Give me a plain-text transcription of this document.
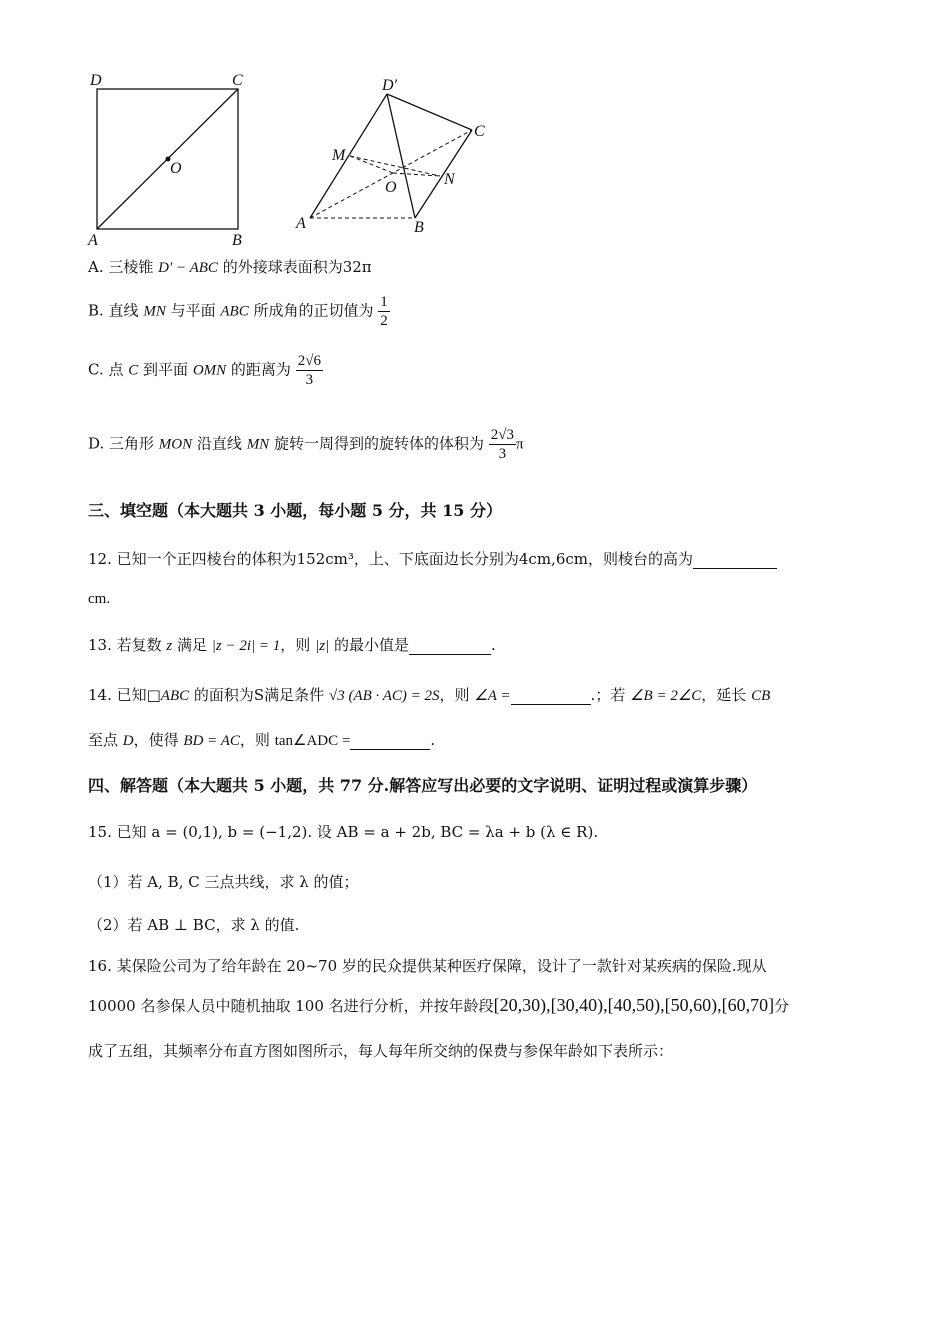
D	C
O
A	B
D′
C
M
O	N
A	B
A. 三棱锥 D′ − ABC 的外接球表面积为32π
B. 直线 MN 与平面 ABC 所成角的正切值为 $\frac{1}{2}$
C. 点 C 到平面 OMN 的距离为 $\frac{2√6}{3}$
D. 三角形 MON 沿直线 MN 旋转一周得到的旋转体的体积为 $\frac{2√3}{3}$ π
三、填空题（本大题共 3 小题，每小题 5 分，共 15 分）
12. 已知一个正四棱台的体积为152cm³，上、下底面边长分别为4cm,6cm，则棱台的高为
cm.
13. 若复数 z 满足 |z − 2i| = 1，则 |z| 的最小值是	.
14. 已知□ABC 的面积为S满足条件 √3 (AB · AC) = 2S，则 ∠A =	.；若 ∠B = 2∠C，延长 CB
至点 D，使得 BD = AC，则 tan∠ADC =	.
四、解答题（本大题共 5 小题，共 77 分.解答应写出必要的文字说明、证明过程或演算步骤）
15. 已知 a = (0,1), b = (−1,2). 设 AB = a + 2b, BC = λa + b (λ ∈ R).
（1）若 A, B, C 三点共线，求 λ 的值；
（2）若 AB ⊥ BC，求 λ 的值.
16. 某保险公司为了给年龄在 20~70 岁的民众提供某种医疗保障，设计了一款针对某疾病的保险.现从
10000 名参保人员中随机抽取 100 名进行分析，并按年龄段[20,30),[30,40),[40,50),[50,60),[60,70]分
成了五组，其频率分布直方图如图所示，每人每年所交纳的保费与参保年龄如下表所示：
